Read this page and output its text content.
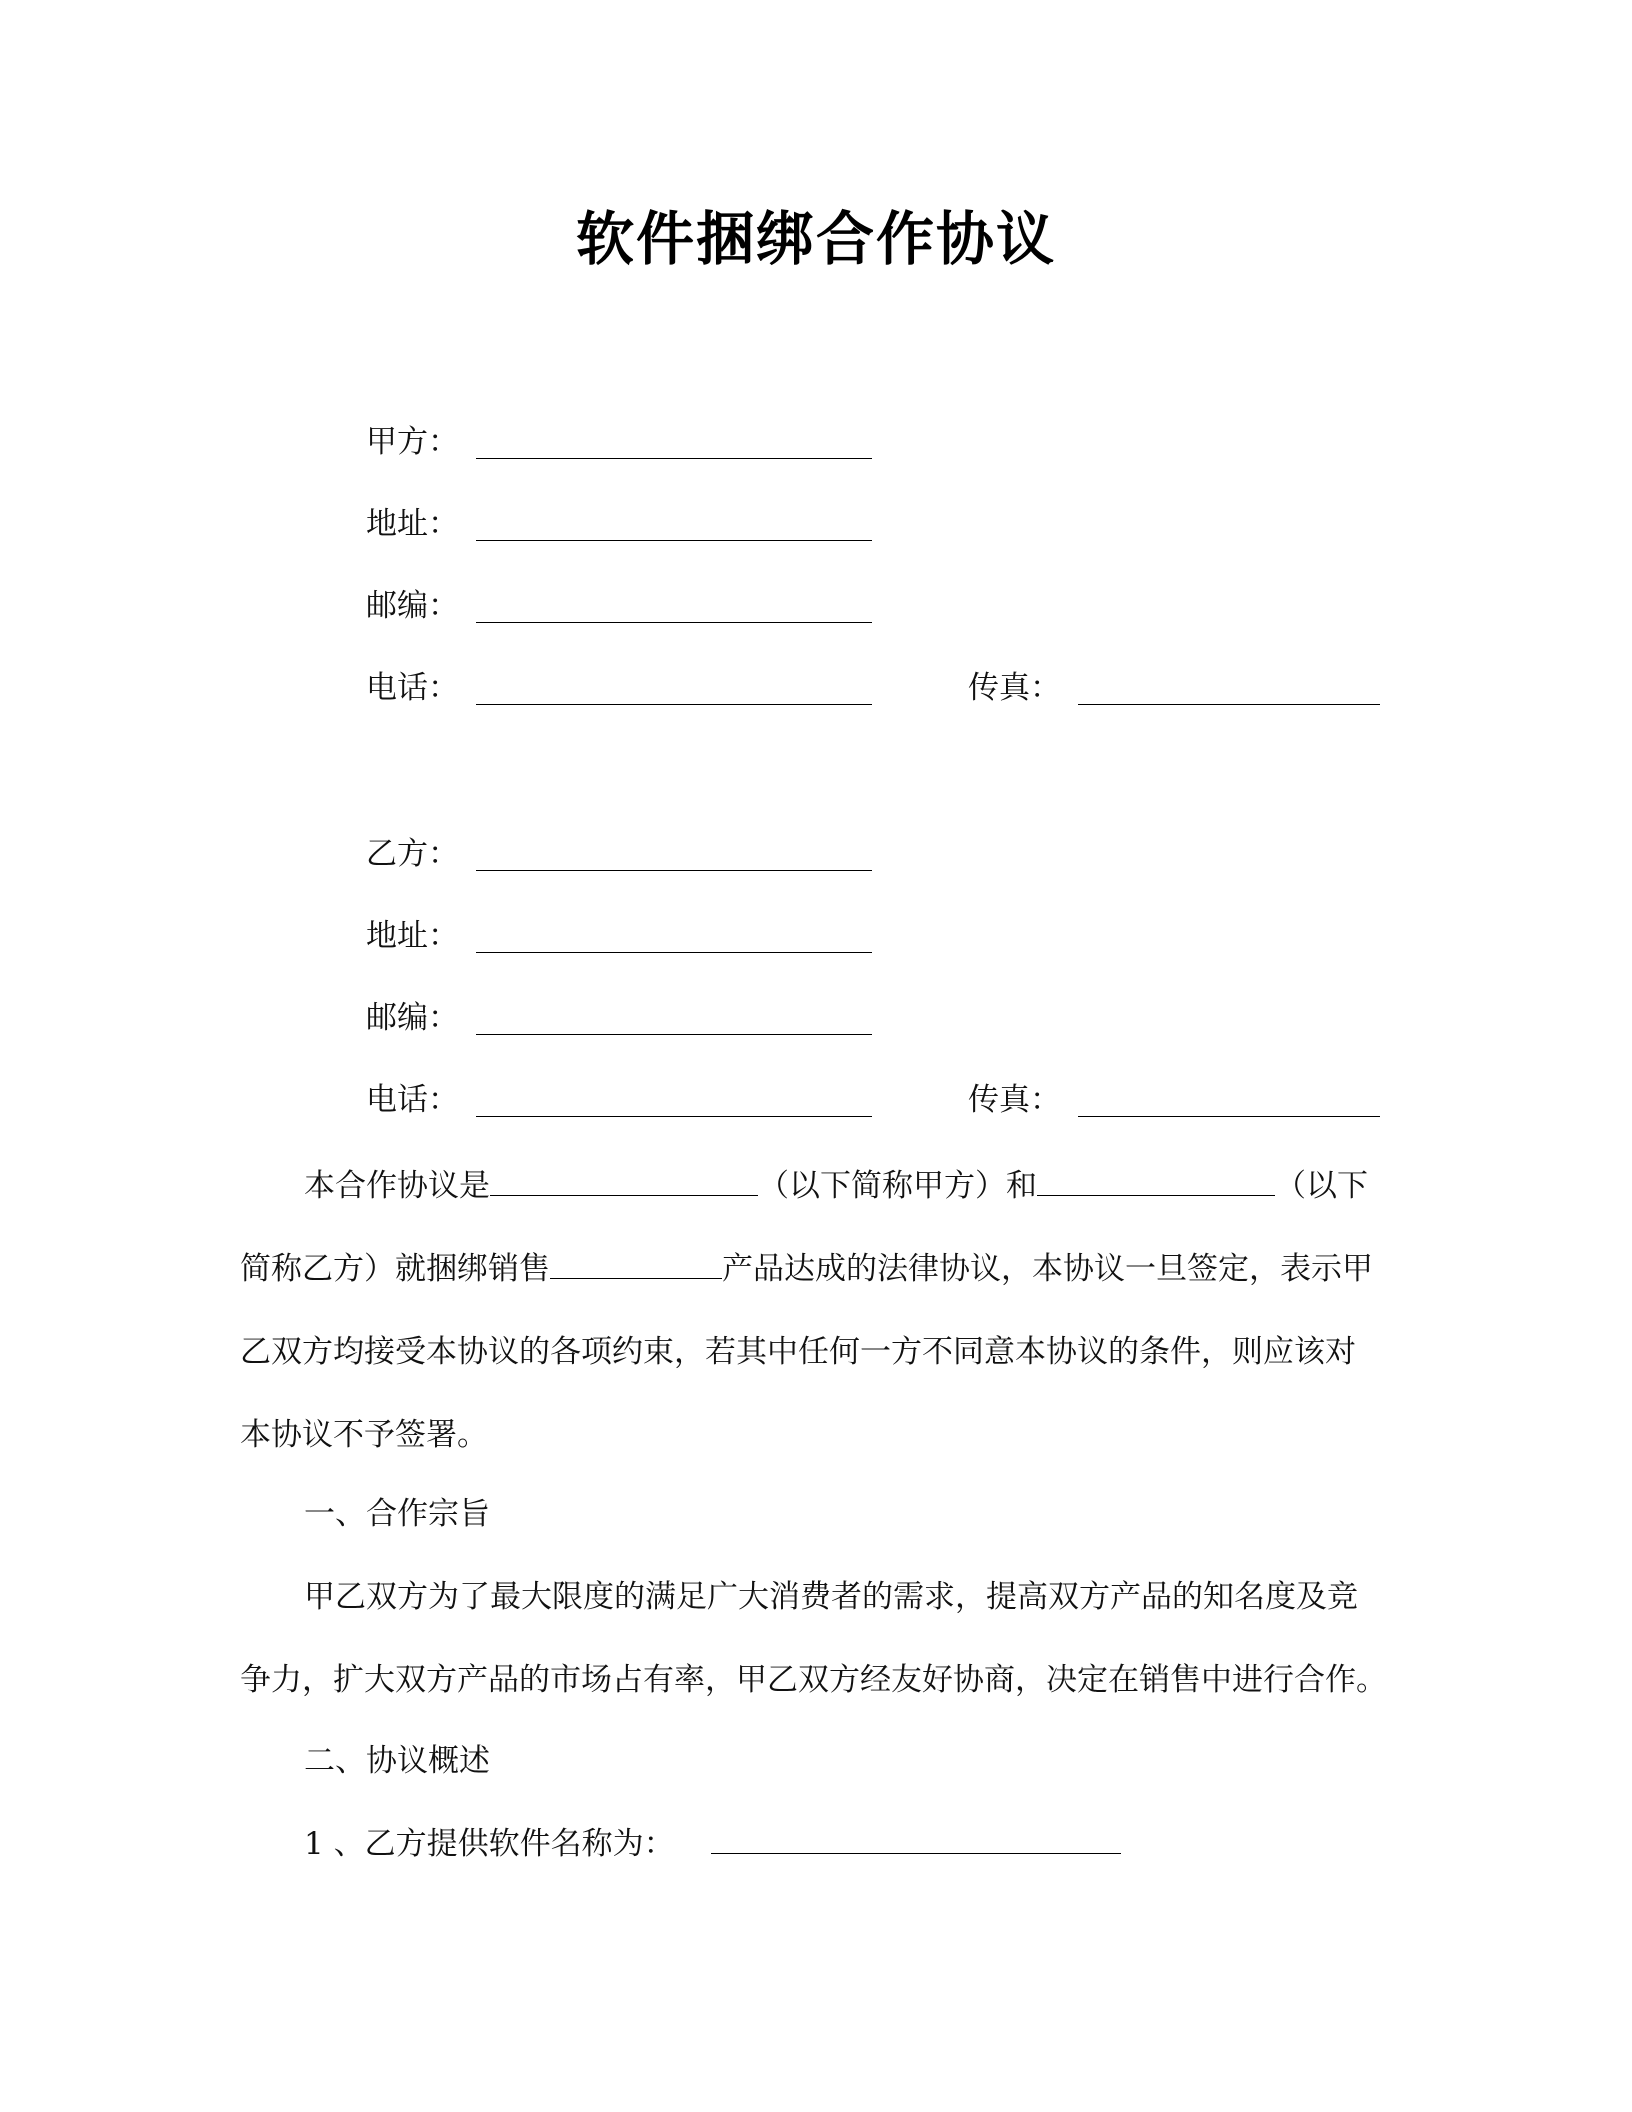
软件捆绑合作协议
甲方：
地址：
邮编：
电话：	传真：
乙方：
地址：
邮编：
电话：	传真：
本合作协议是	（以下简称甲方）和	（以下
简称乙方）就捆绑销售	产品达成的法律协议，本协议一旦签定，表示甲
乙双方均接受本协议的各项约束，若其中任何一方不同意本协议的条件，则应该对
本协议不予签署。
一、合作宗旨
甲乙双方为了最大限度的满足广大消费者的需求，提高双方产品的知名度及竞
争力，扩大双方产品的市场占有率，甲乙双方经友好协商，决定在销售中进行合作。
二、协议概述
1 、乙方提供软件名称为：
